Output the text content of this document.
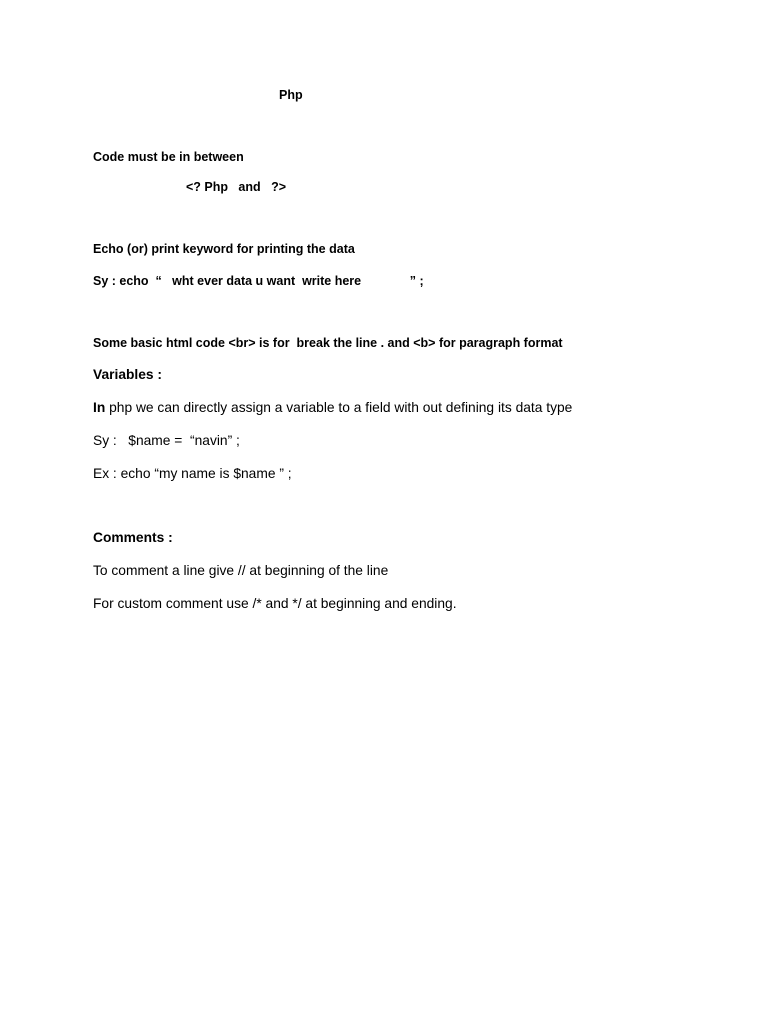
Php
Code must be in between
<? Php   and   ?>
Echo (or) print keyword for printing the data
Sy : echo  “   wht ever data u want  write here              ” ;
Some basic html code <br> is for  break the line . and <b> for paragraph format
Variables :
In php we can directly assign a variable to a field with out defining its data type
Sy :   $name =  “navin” ;
Ex : echo “my name is $name ” ;
Comments :
To comment a line give // at beginning of the line
For custom comment use /* and */ at beginning and ending.
